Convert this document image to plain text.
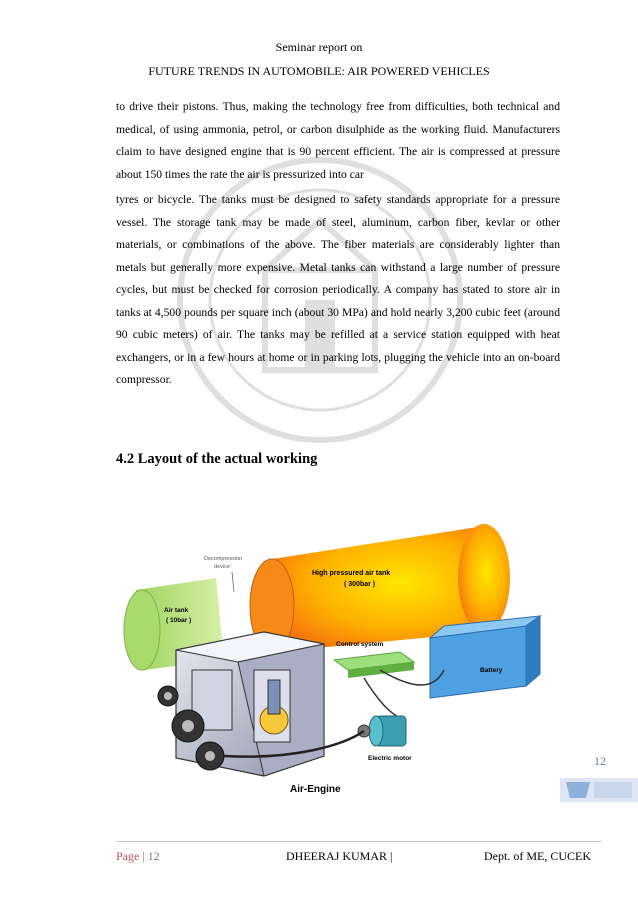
Seminar report on
FUTURE TRENDS IN AUTOMOBILE: AIR POWERED VEHICLES
to drive their pistons. Thus, making the technology free from difficulties, both technical and medical, of using ammonia, petrol, or carbon disulphide as the working fluid. Manufacturers claim to have designed engine that is 90 percent efficient. The air is compressed at pressure about 150 times the rate the air is pressurized into car
tyres or bicycle. The tanks must be designed to safety standards appropriate for a pressure vessel. The storage tank may be made of steel, aluminum, carbon fiber, kevlar or other materials, or combinations of the above. The fiber materials are considerably lighter than metals but generally more expensive. Metal tanks can withstand a large number of pressure cycles, but must be checked for corrosion periodically. A company has stated to store air in tanks at 4,500 pounds per square inch (about 30 MPa) and hold nearly 3,200 cubic feet (around 90 cubic meters) of air. The tanks may be refilled at a service station equipped with heat exchangers, or in a few hours at home or in parking lots, plugging the vehicle into an on-board compressor.
4.2 Layout of the actual working
High pressured air tank
( 300bar )
Air tank
( 10bar )
Decompression
device
Battery
Control system
Electric motor
Air-Engine
12
Page | 12	DHEERAJ KUMAR |	Dept. of ME, CUCEK
